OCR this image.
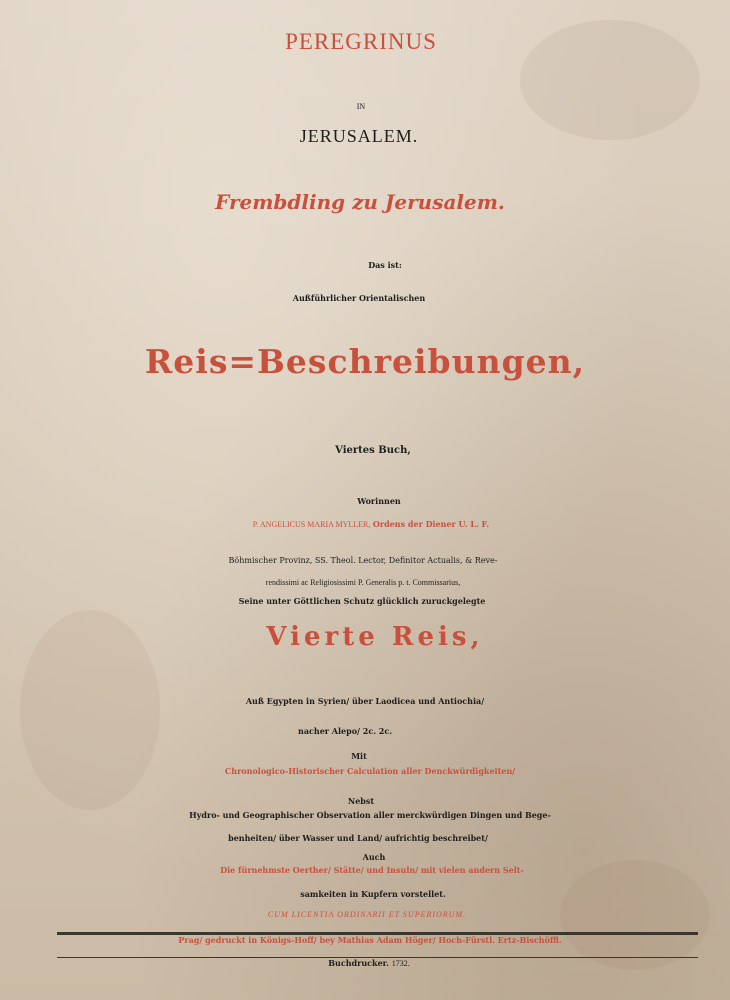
PEREGRINUS
IN
JERUSALEM.
Frembdling zu Jerusalem.
Das ist:
Außführlicher Orientalischen
Reis=Beschreibungen,
Viertes Buch,
Worinnen
P. ANGELICUS MARIA MYLLER, Ordens der Diener U. L. F.
Böhmischer Provinz, SS. Theol. Lector, Definitor Actualis, & Reve-
rendissimi ac Religiosissimi P. Generalis p. t. Commissarius,
Seine unter Göttlichen Schutz glücklich zuruckgelegte
Vierte Reis,
Auß Egypten in Syrien/ über Laodicea und Antiochia/
nacher Alepo/ 2c. 2c.
Mit
Chronologico-Historischer Calculation aller Denckwürdigkeiten/
Nebst
Hydro- und Geographischer Observation aller merckwürdigen Dingen und Bege-
benheiten/ über Wasser und Land/ aufrichtig beschreibet/
Auch
Die fürnehmste Oerther/ Stätte/ und Insuln/ mit vielen andern Selt-
samkeiten in Kupfern vorstellet.
CUM LICENTIA ORDINARII ET SUPERIORUM.
Prag/ gedruckt in Königs-Hoff/ bey Mathias Adam Höger/ Hoch-Fürstl. Ertz-Bischöffl.
Buchdrucker. 1732.
